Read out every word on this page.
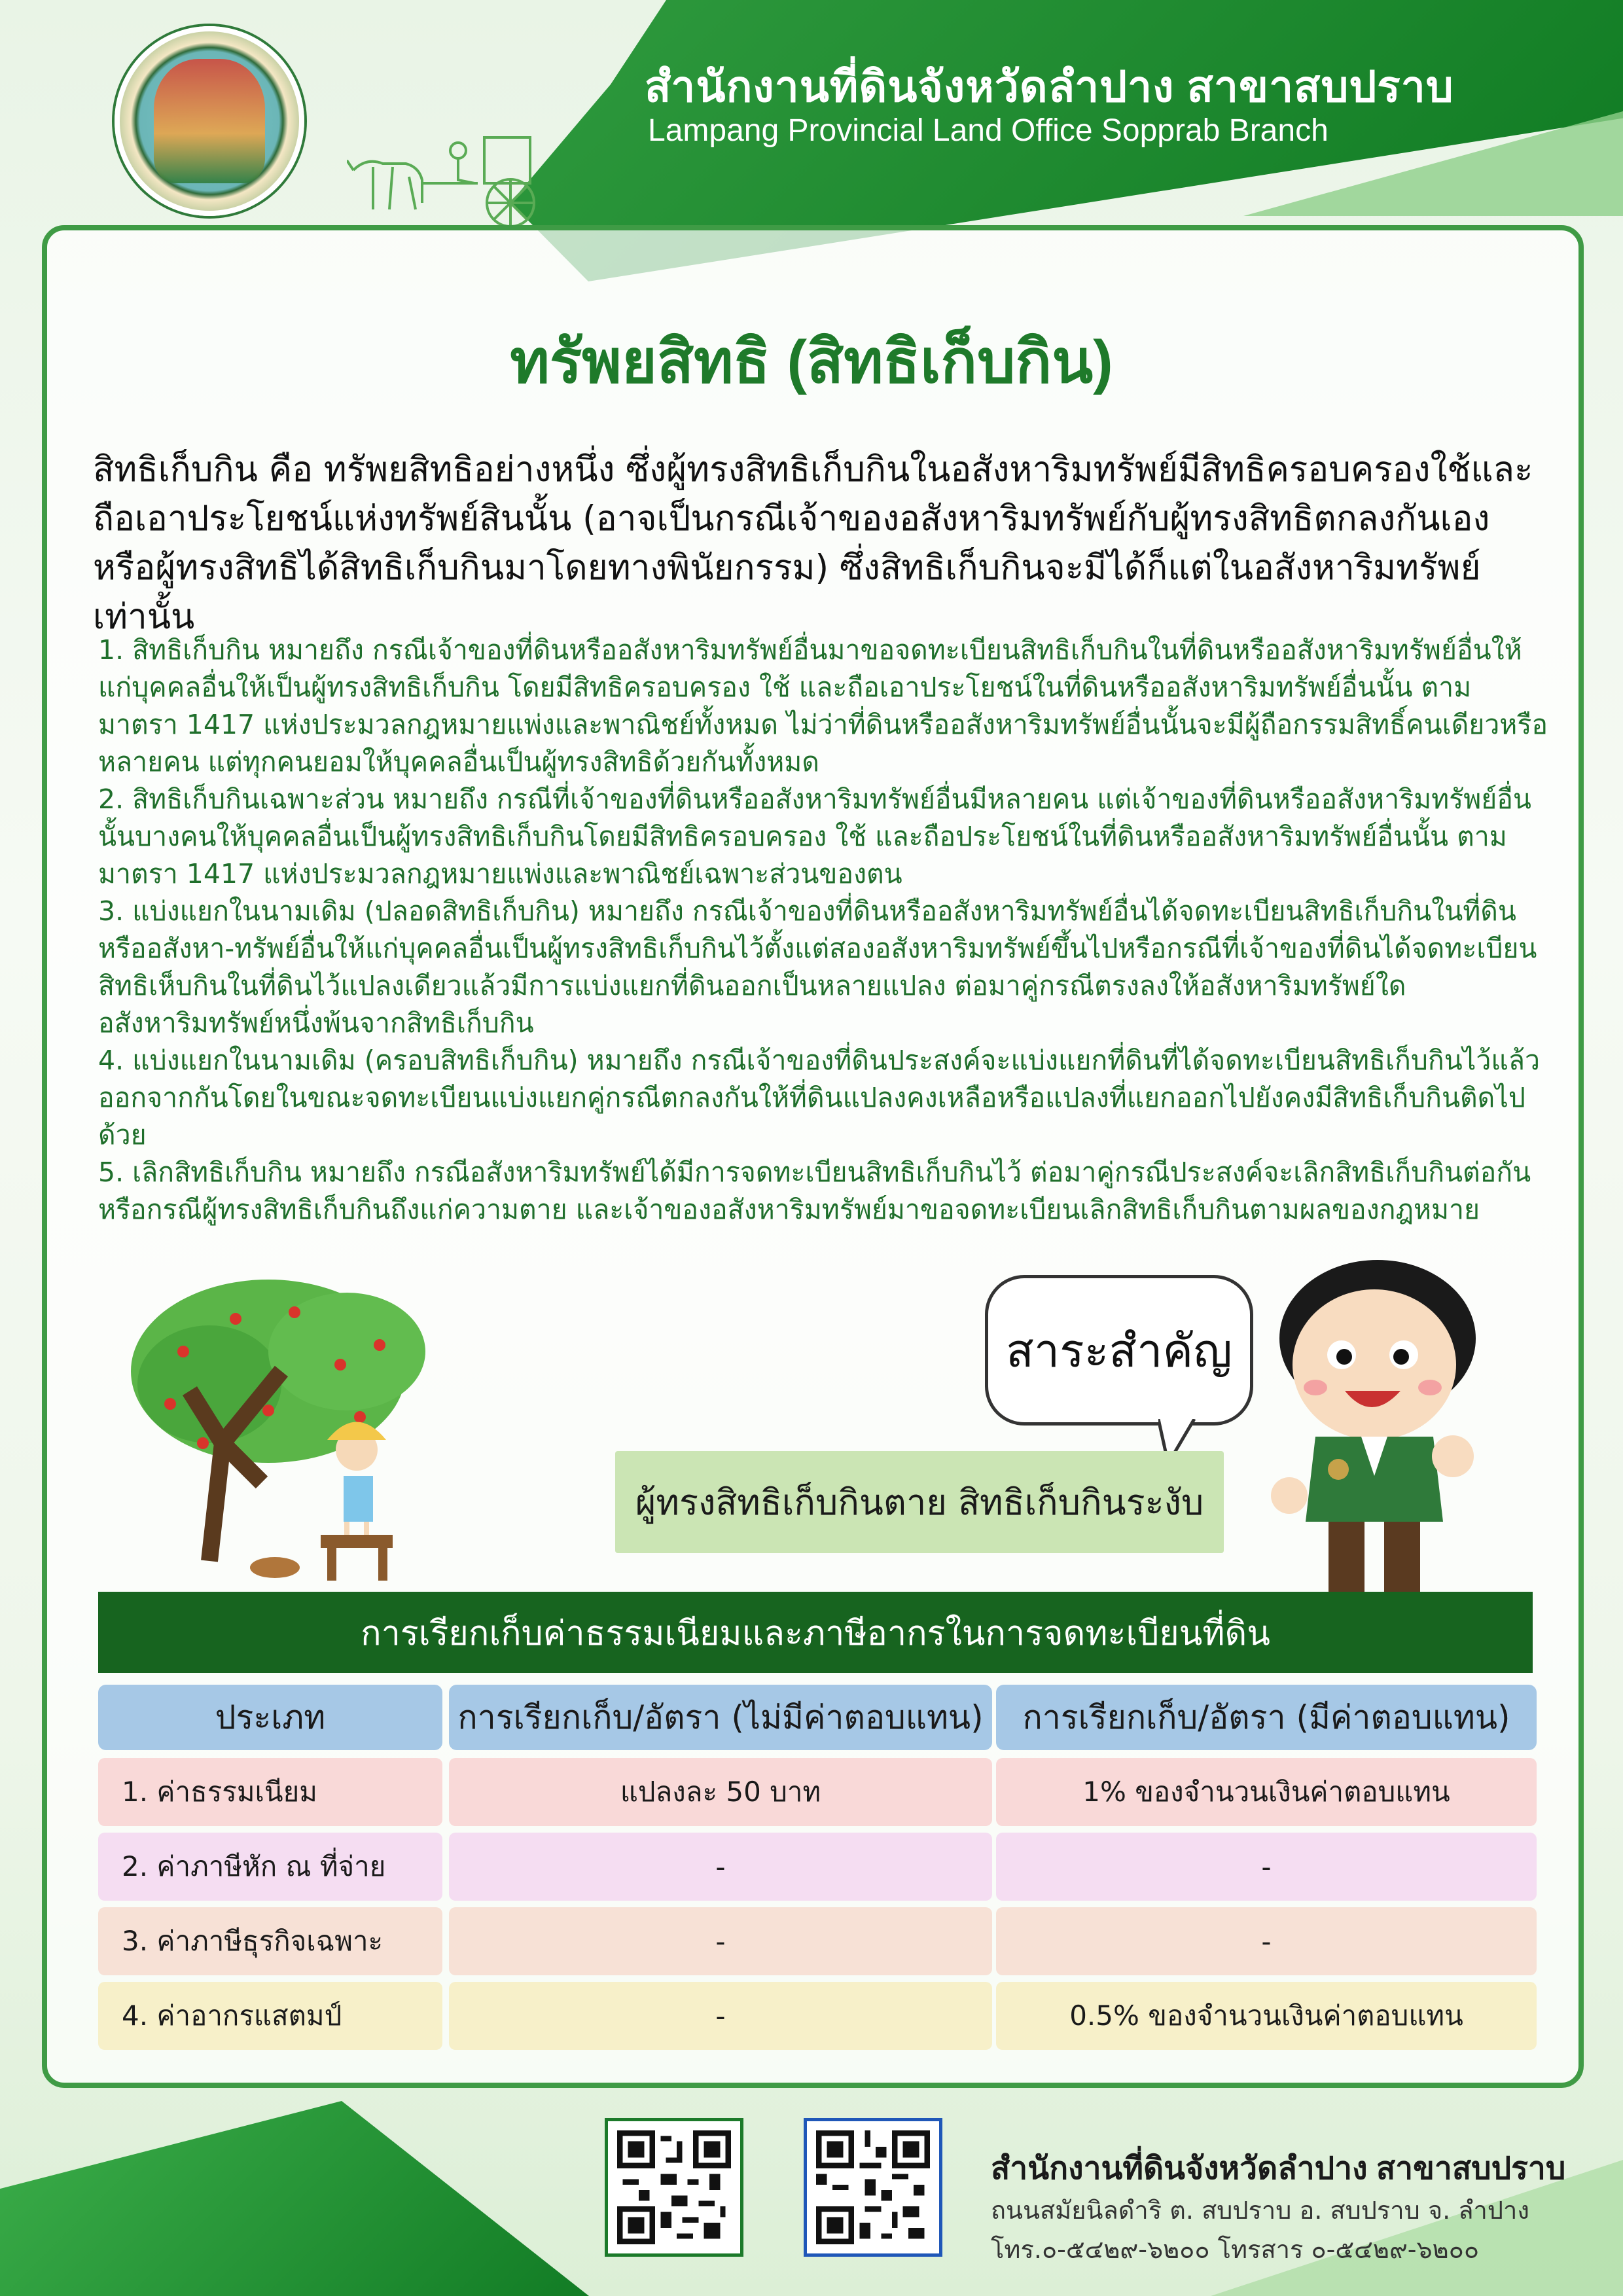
สำนักงานที่ดินจังหวัดลำปาง สาขาสบปราบ
Lampang Provincial Land Office Sopprab Branch
ทรัพยสิทธิ (สิทธิเก็บกิน)
สิทธิเก็บกิน คือ ทรัพยสิทธิอย่างหนึ่ง ซึ่งผู้ทรงสิทธิเก็บกินในอสังหาริมทรัพย์มีสิทธิครอบครองใช้และถือเอาประโยชน์แห่งทรัพย์สินนั้น (อาจเป็นกรณีเจ้าของอสังหาริมทรัพย์กับผู้ทรงสิทธิตกลงกันเองหรือผู้ทรงสิทธิได้สิทธิเก็บกินมาโดยทางพินัยกรรม) ซึ่งสิทธิเก็บกินจะมีได้ก็แต่ในอสังหาริมทรัพย์เท่านั้น

1. สิทธิเก็บกิน หมายถึง กรณีเจ้าของที่ดินหรืออสังหาริมทรัพย์อื่นมาขอจดทะเบียนสิทธิเก็บกินในที่ดินหรืออสังหาริมทรัพย์อื่นให้แก่บุคคลอื่นให้เป็นผู้ทรงสิทธิเก็บกิน โดยมีสิทธิครอบครอง ใช้ และถือเอาประโยชน์ในที่ดินหรืออสังหาริมทรัพย์อื่นนั้น ตามมาตรา 1417 แห่งประมวลกฎหมายแพ่งและพาณิชย์ทั้งหมด ไม่ว่าที่ดินหรืออสังหาริมทรัพย์อื่นนั้นจะมีผู้ถือกรรมสิทธิ์คนเดียวหรือหลายคน แต่ทุกคนยอมให้บุคคลอื่นเป็นผู้ทรงสิทธิด้วยกันทั้งหมด

2. สิทธิเก็บกินเฉพาะส่วน หมายถึง กรณีที่เจ้าของที่ดินหรืออสังหาริมทรัพย์อื่นมีหลายคน แต่เจ้าของที่ดินหรืออสังหาริมทรัพย์อื่นนั้นบางคนให้บุคคลอื่นเป็นผู้ทรงสิทธิเก็บกินโดยมีสิทธิครอบครอง ใช้ และถือประโยชน์ในที่ดินหรืออสังหาริมทรัพย์อื่นนั้น ตามมาตรา 1417 แห่งประมวลกฎหมายแพ่งและพาณิชย์เฉพาะส่วนของตน

3. แบ่งแยกในนามเดิม (ปลอดสิทธิเก็บกิน) หมายถึง กรณีเจ้าของที่ดินหรืออสังหาริมทรัพย์อื่นได้จดทะเบียนสิทธิเก็บกินในที่ดินหรืออสังหา-ทรัพย์อื่นให้แก่บุคคลอื่นเป็นผู้ทรงสิทธิเก็บกินไว้ตั้งแต่สองอสังหาริมทรัพย์ขึ้นไปหรือกรณีที่เจ้าของที่ดินได้จดทะเบียนสิทธิเห็บกินในที่ดินไว้แปลงเดียวแล้วมีการแบ่งแยกที่ดินออกเป็นหลายแปลง ต่อมาคู่กรณีตรงลงให้อสังหาริมทรัพย์ใดอสังหาริมทรัพย์หนึ่งพ้นจากสิทธิเก็บกิน

4. แบ่งแยกในนามเดิม (ครอบสิทธิเก็บกิน) หมายถึง กรณีเจ้าของที่ดินประสงค์จะแบ่งแยกที่ดินที่ได้จดทะเบียนสิทธิเก็บกินไว้แล้วออกจากกันโดยในขณะจดทะเบียนแบ่งแยกคู่กรณีตกลงกันให้ที่ดินแปลงคงเหลือหรือแปลงที่แยกออกไปยังคงมีสิทธิเก็บกินติดไปด้วย

5. เลิกสิทธิเก็บกิน หมายถึง กรณีอสังหาริมทรัพย์ได้มีการจดทะเบียนสิทธิเก็บกินไว้ ต่อมาคู่กรณีประสงค์จะเลิกสิทธิเก็บกินต่อกัน หรือกรณีผู้ทรงสิทธิเก็บกินถึงแก่ความตาย และเจ้าของอสังหาริมทรัพย์มาขอจดทะเบียนเลิกสิทธิเก็บกินตามผลของกฎหมาย

สาระสำคัญ
ผู้ทรงสิทธิเก็บกินตาย สิทธิเก็บกินระงับ
การเรียกเก็บค่าธรรมเนียมและภาษีอากรในการจดทะเบียนที่ดิน
ประเภท	การเรียกเก็บ/อัตรา (ไม่มีค่าตอบแทน)	การเรียกเก็บ/อัตรา (มีค่าตอบแทน)
1. ค่าธรรมเนียม	แปลงละ 50 บาท	1% ของจำนวนเงินค่าตอบแทน
2. ค่าภาษีหัก ณ ที่จ่าย	-	-
3. ค่าภาษีธุรกิจเฉพาะ	-	-
4. ค่าอากรแสตมป์	-	0.5% ของจำนวนเงินค่าตอบแทน
สำนักงานที่ดินจังหวัดลำปาง สาขาสบปราบ
ถนนสมัยนิลดำริ ต. สบปราบ อ. สบปราบ จ. ลำปาง
โทร.๐-๕๔๒๙-๖๒๐๐ โทรสาร ๐-๕๔๒๙-๖๒๐๐
